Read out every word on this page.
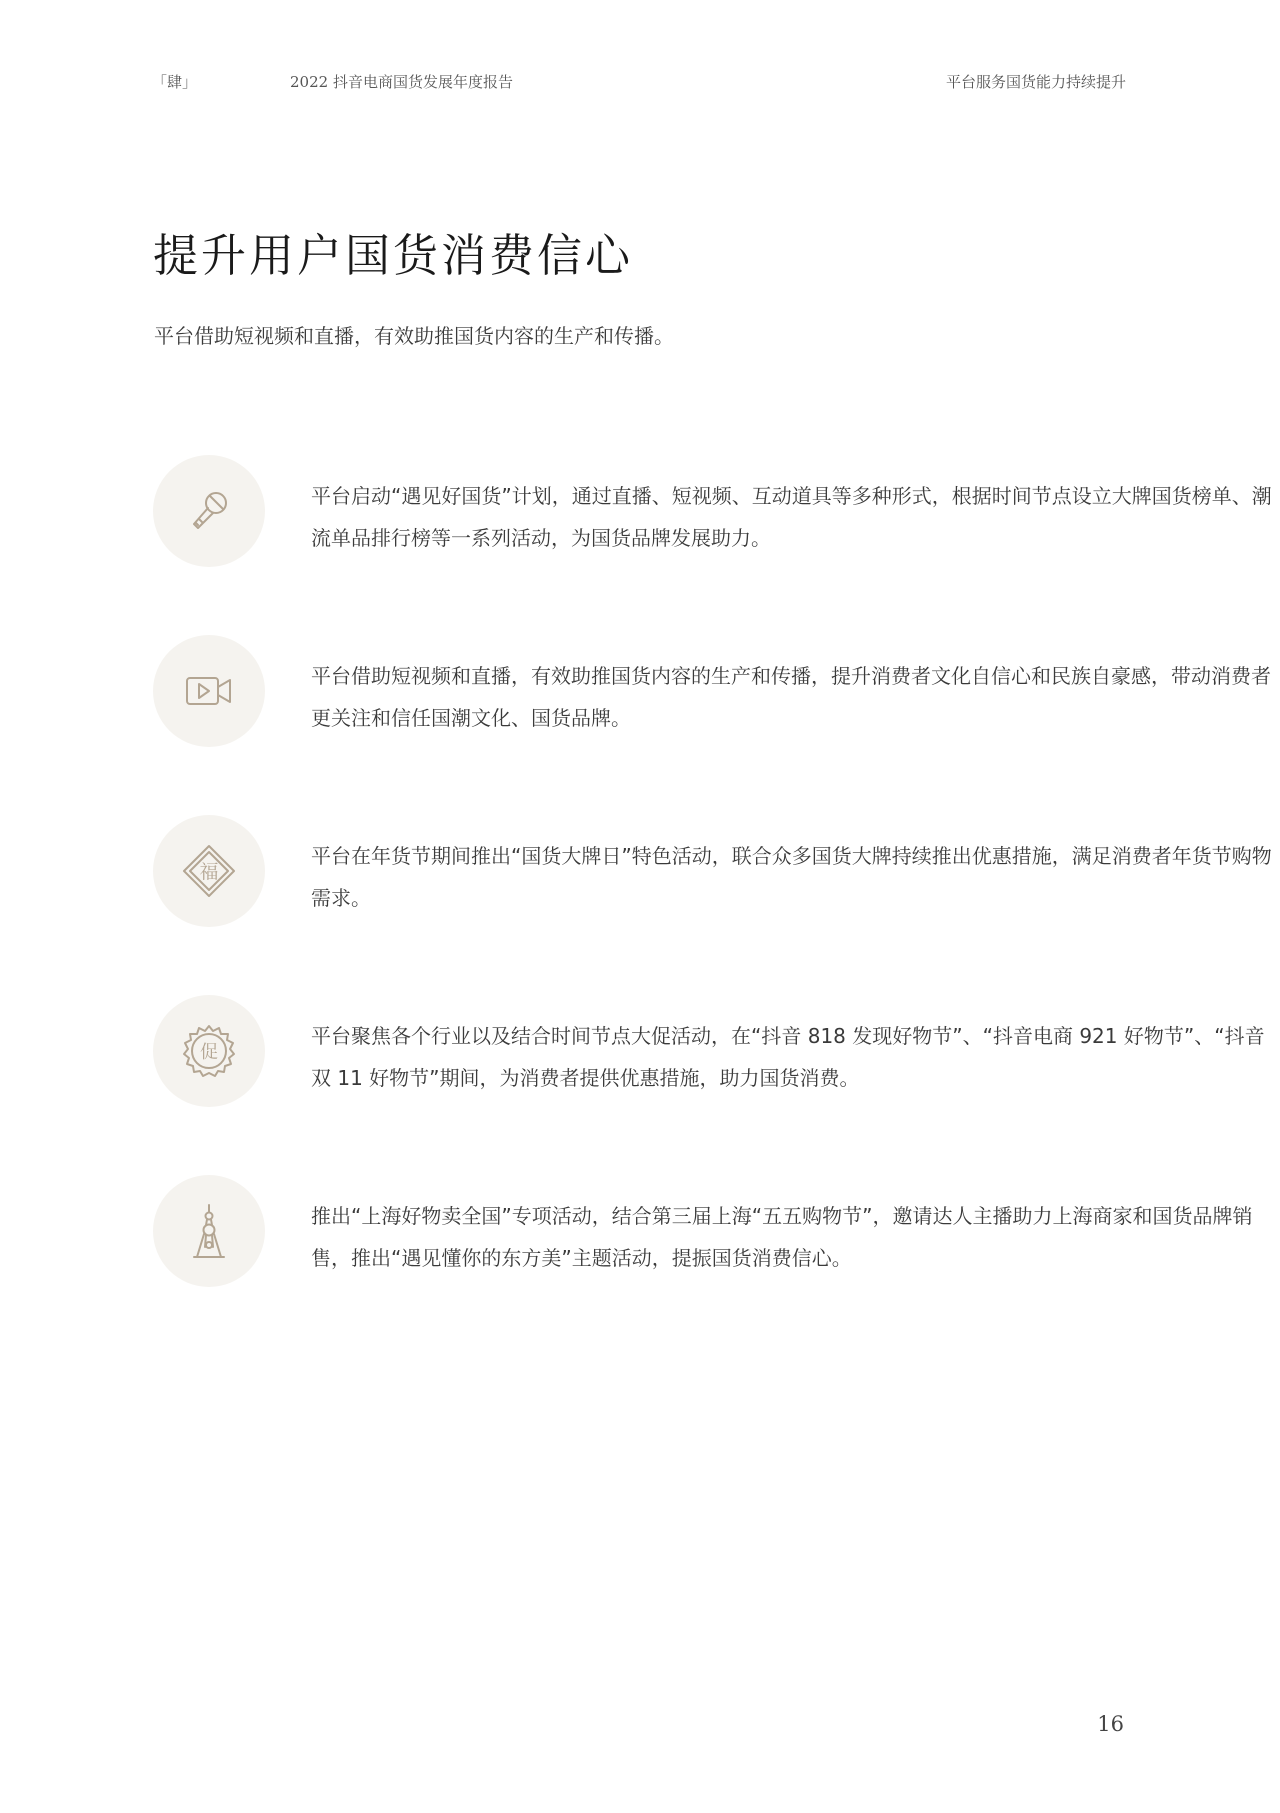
「肆」	2022 抖音电商国货发展年度报告	平台服务国货能力持续提升
提升用户国货消费信心

平台借助短视频和直播，有效助推国货内容的生产和传播。

平台启动“遇见好国货”计划，通过直播、短视频、互动道具等多种形式，根据时间节点设立大牌国货榜单、潮流单品排行榜等一系列活动，为国货品牌发展助力。

平台借助短视频和直播，有效助推国货内容的生产和传播，提升消费者文化自信心和民族自豪感，带动消费者更关注和信任国潮文化、国货品牌。

福

平台在年货节期间推出“国货大牌日”特色活动，联合众多国货大牌持续推出优惠措施，满足消费者年货节购物需求。

促

平台聚焦各个行业以及结合时间节点大促活动，在“抖音 818 发现好物节”、“抖音电商 921 好物节”、“抖音双 11 好物节”期间，为消费者提供优惠措施，助力国货消费。

推出“上海好物卖全国”专项活动，结合第三届上海“五五购物节”，邀请达人主播助力上海商家和国货品牌销售，推出“遇见懂你的东方美”主题活动，提振国货消费信心。

16
